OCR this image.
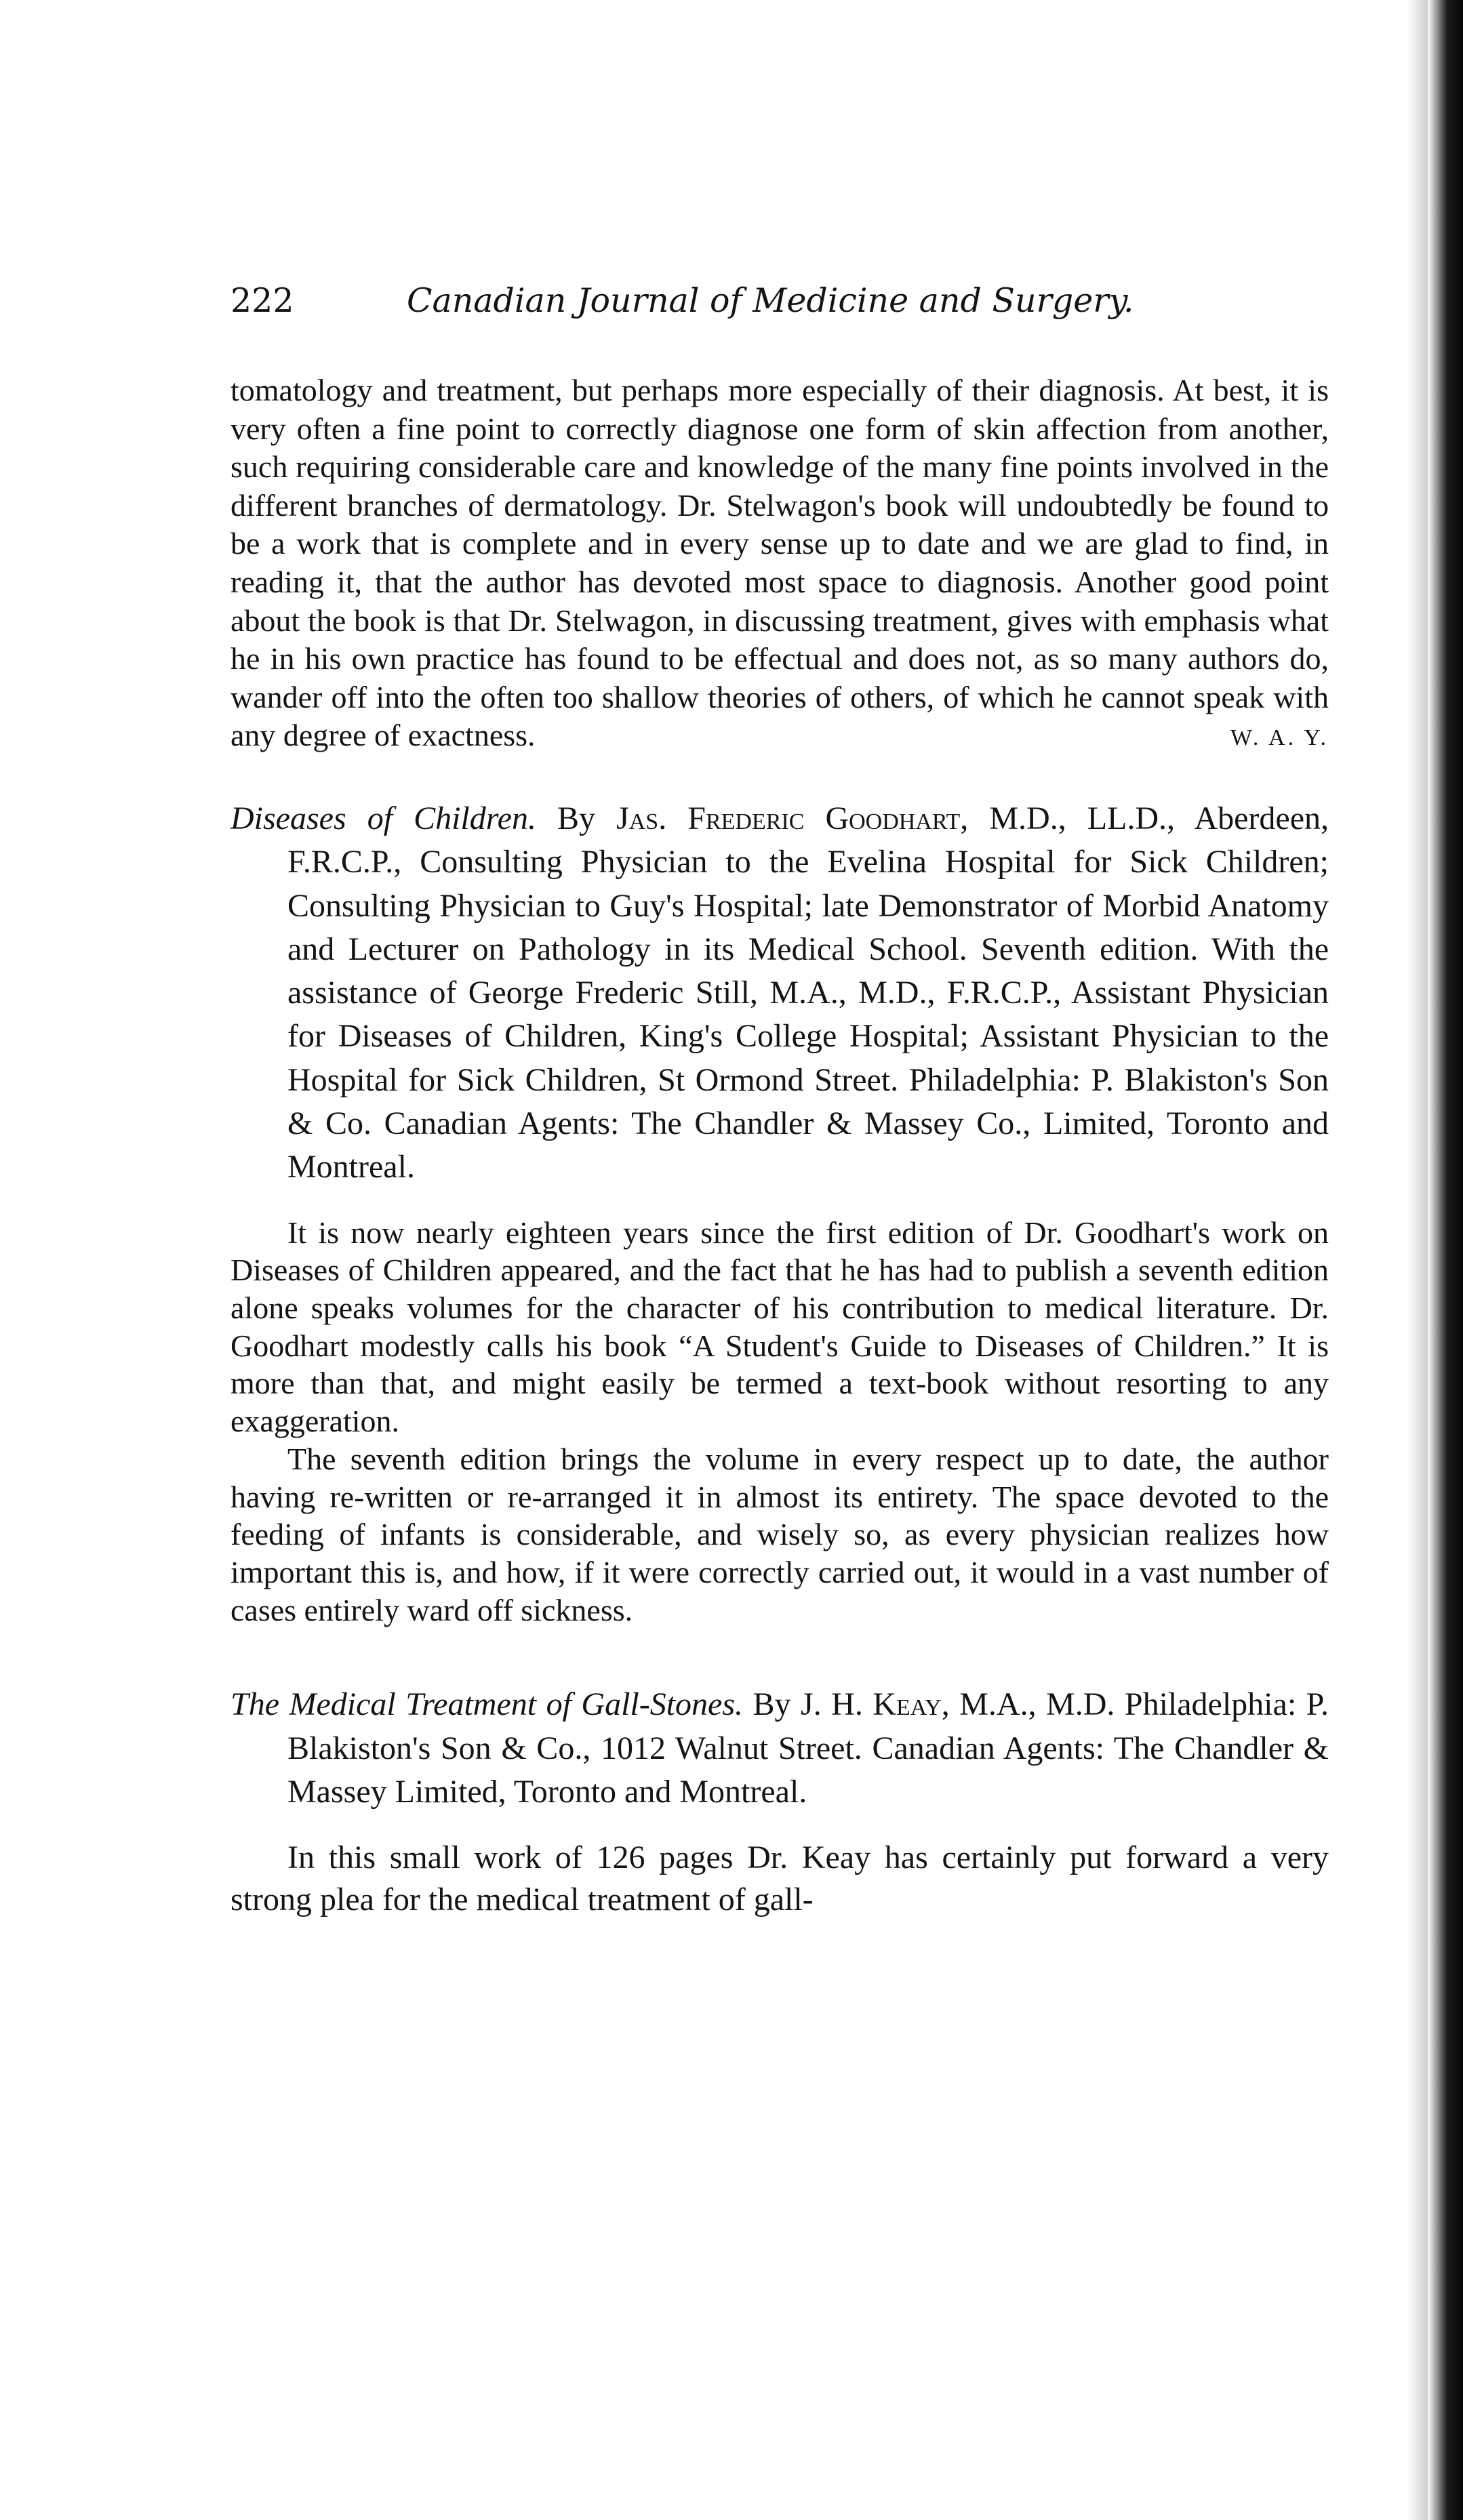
222	Canadian Journal of Medicine and Surgery.

tomatology and treatment, but perhaps more especially of their diagnosis. At best, it is very often a fine point to correctly diagnose one form of skin affection from another, such requiring considerable care and knowledge of the many fine points involved in the different branches of dermatology. Dr. Stelwagon's book will undoubtedly be found to be a work that is complete and in every sense up to date and we are glad to find, in reading it, that the author has devoted most space to diagnosis. Another good point about the book is that Dr. Stelwagon, in discussing treatment, gives with emphasis what he in his own practice has found to be effectual and does not, as so many authors do, wander off into the often too shallow theories of others, of which he cannot speak with any degree of exactness.	W. A. Y.

Diseases of Children. By Jas. Frederic Goodhart, M.D., LL.D., Aberdeen, F.R.C.P., Consulting Physician to the Evelina Hospital for Sick Children; Consulting Physician to Guy's Hospital; late Demonstrator of Morbid Anatomy and Lecturer on Pathology in its Medical School. Seventh edition. With the assistance of George Frederic Still, M.A., M.D., F.R.C.P., Assistant Physician for Diseases of Children, King's College Hospital; Assistant Physician to the Hospital for Sick Children, St Ormond Street. Philadelphia: P. Blakiston's Son & Co. Canadian Agents: The Chandler & Massey Co., Limited, Toronto and Montreal.

It is now nearly eighteen years since the first edition of Dr. Goodhart's work on Diseases of Children appeared, and the fact that he has had to publish a seventh edition alone speaks volumes for the character of his contribution to medical literature. Dr. Goodhart modestly calls his book “A Student's Guide to Diseases of Children.” It is more than that, and might easily be termed a text-book without resorting to any exaggeration.

The seventh edition brings the volume in every respect up to date, the author having re-written or re-arranged it in almost its entirety. The space devoted to the feeding of infants is considerable, and wisely so, as every physician realizes how important this is, and how, if it were correctly carried out, it would in a vast number of cases entirely ward off sickness.

The Medical Treatment of Gall-Stones. By J. H. Keay, M.A., M.D. Philadelphia: P. Blakiston's Son & Co., 1012 Walnut Street. Canadian Agents: The Chandler & Massey Limited, Toronto and Montreal.

In this small work of 126 pages Dr. Keay has certainly put forward a very strong plea for the medical treatment of gall-
